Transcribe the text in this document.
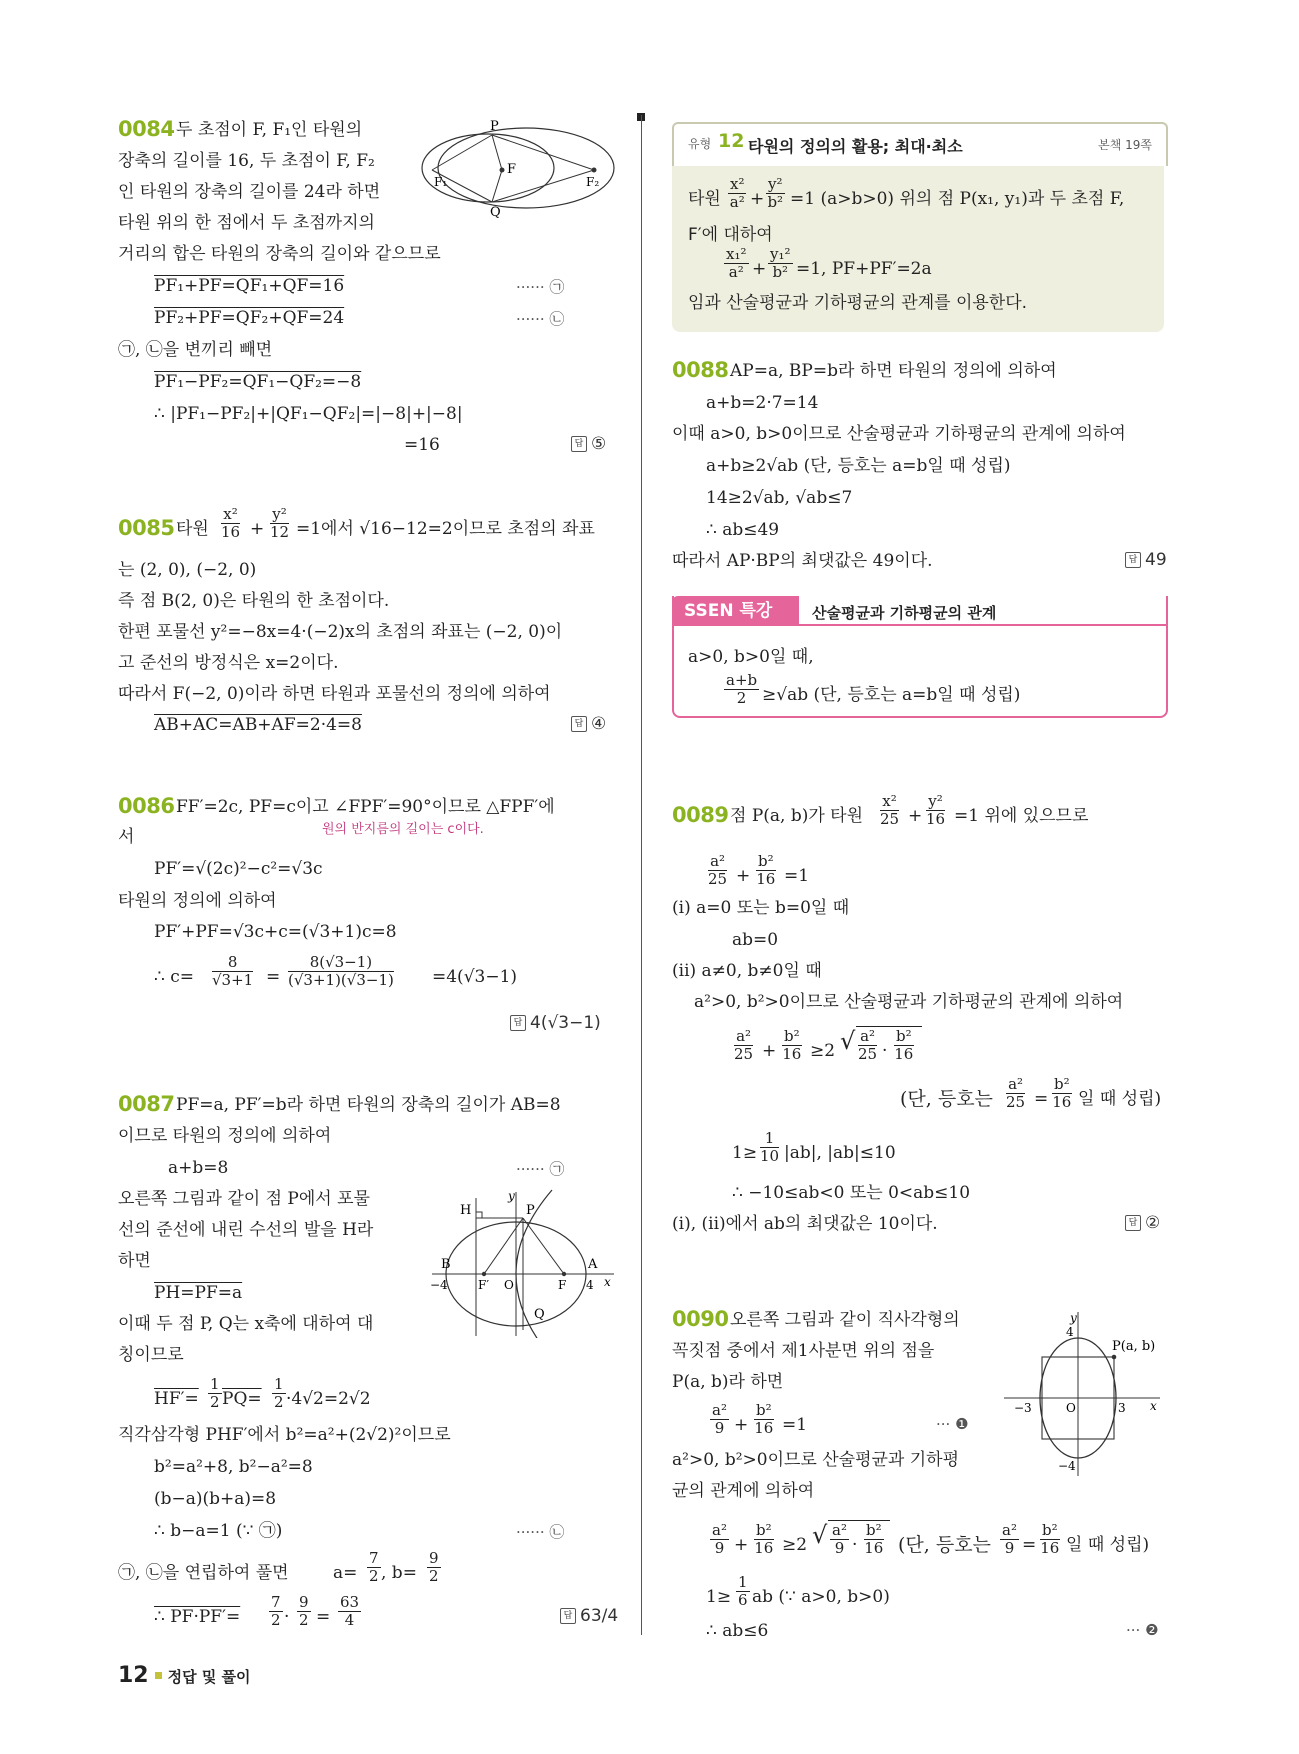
0084 두 초점이 F, F₁인 타원의
장축의 길이를 16, 두 초점이 F, F₂
인 타원의 장축의 길이를 24라 하면
타원 위의 한 점에서 두 초점까지의
거리의 합은 타원의 장축의 길이와 같으므로
PF₁+PF=QF₁+QF=16	······ ㉠
PF₂+PF=QF₂+QF=24	······ ㉡
㉠, ㉡을 변끼리 빼면
PF₁−PF₂=QF₁−QF₂=−8
∴ |PF₁−PF₂|+|QF₁−QF₂|=|−8|+|−8|
=16	답 ⑤
P
F
F₁	F₂
Q
0085 타원 $\frac{\text{x²}}{16} + \frac{\text{y²}}{12} =1$에서 √16−12=2이므로 초점의 좌표
는 (2, 0), (−2, 0)
즉 점 B(2, 0)은 타원의 한 초점이다.
한편 포물선 y²=−8x=4·(−2)x의 초점의 좌표는 (−2, 0)이
고 준선의 방정식은 x=2이다.
따라서 F(−2, 0)이라 하면 타원과 포물선의 정의에 의하여
AB+AC=AB+AF=2·4=8	답 ④
0086 FF′=2c, PF=c이고 ∠FPF′=90°이므로 △FPF′에
원의 반지름의 길이는 c이다.
서
PF′=√(2c)²−c²=√3c
타원의 정의에 의하여
PF′+PF=√3c+c=(√3+1)c=8
∴ $c= \frac{8}{√3+1} = \frac{8(√3-1)}{(√3+1)(√3-1)} =4(√3-1)$
답 4(√3−1)
0087 PF=a, PF′=b라 하면 타원의 장축의 길이가 AB=8
이므로 타원의 정의에 의하여
a+b=8	······ ㉠
오른쪽 그림과 같이 점 P에서 포물
선의 준선에 내린 수선의 발을 H라
하면
PH=PF=a
이때 두 점 P, Q는 x축에 대하여 대
칭이므로
$HF'= \frac{1}{2} PQ= \frac{1}{2} \cdot 4√2=2√2$
직각삼각형 PHF′에서 b²=a²+(2√2)²이므로
b²=a²+8, b²−a²=8
(b−a)(b+a)=8
∴ b−a=1 (∵ ㉠)	······ ㉡
㉠, ㉡을 연립하여 풀면	$a= \frac{7}{2}$ , $b= \frac{9}{2}$
∴ $PF\cdot PF'= \frac{7}{2} \cdot \frac{9}{2} = \frac{63}{4}$	답 63/4
y
P
H
B	A
−4	F′ O	F 4 x
Q
유형 12 타원의 정의의 활용; 최대·최소	본책 19쪽
타원 $\frac{\text{x²}}{\text{a²}} + \frac{\text{y²}}{\text{b²}} =1$ (a>b>0) 위의 점 P(x₁, y₁)과 두 초점 F,
F′에 대하여
$\frac{\text{x₁²}}{\text{a²}} + \frac{\text{y₁²}}{\text{b²}} =1$, PF+PF′=2a
임과 산술평균과 기하평균의 관계를 이용한다.
0088 AP=a, BP=b라 하면 타원의 정의에 의하여
a+b=2·7=14
이때 a>0, b>0이므로 산술평균과 기하평균의 관계에 의하여
a+b≥2√ab (단, 등호는 a=b일 때 성립)
14≥2√ab, √ab≤7
∴ ab≤49
따라서 AP·BP의 최댓값은 49이다.	답 49
SSEN 특강	산술평균과 기하평균의 관계
a>0, b>0일 때,
$\frac{a+b}{2} \ge√ab$ (단, 등호는 a=b일 때 성립)
0089 점 P(a, b)가 타원 $\frac{\text{x²}}{25} + \frac{\text{y²}}{16} =1$ 위에 있으므로
$\frac{\text{a²}}{25} + \frac{\text{b²}}{16} =1$
(i) a=0 또는 b=0일 때
ab=0
(ii) a≠0, b≠0일 때
a²>0, b²>0이므로 산술평균과 기하평균의 관계에 의하여
$\frac{\text{a²}}{25} + \frac{\text{b²}}{16} \ge 2$ √ $\frac{\text{a²}}{25} \cdot \frac{\text{b²}}{16}$
(단, 등호는 $\frac{\text{a²}}{25} = \frac{\text{b²}}{16}$ 일 때 성립)
$1\ge \frac{1}{10} |ab|$, |ab|≤10
∴ −10≤ab<0 또는 0<ab≤10
(i), (ii)에서 ab의 최댓값은 10이다.	답 ②
0090 오른쪽 그림과 같이 직사각형의
꼭짓점 중에서 제1사분면 위의 점을
P(a, b)라 하면
$\frac{\text{a²}}{9} + \frac{\text{b²}}{16} =1$	··· ❶
a²>0, b²>0이므로 산술평균과 기하평
균의 관계에 의하여
$\frac{\text{a²}}{9} + \frac{\text{b²}}{16} \ge 2$ √ $\frac{\text{a²}}{9} \cdot \frac{\text{b²}}{16}$ (단, 등호는 $\frac{\text{a²}}{9} = \frac{\text{b²}}{16}$ 일 때 성립)
$1\ge \frac{1}{6}$ ab (∵ a>0, b>0)
∴ ab≤6	··· ❷
y
4
P(a, b)
−3	O	3 x
−4
12 정답 및 풀이
